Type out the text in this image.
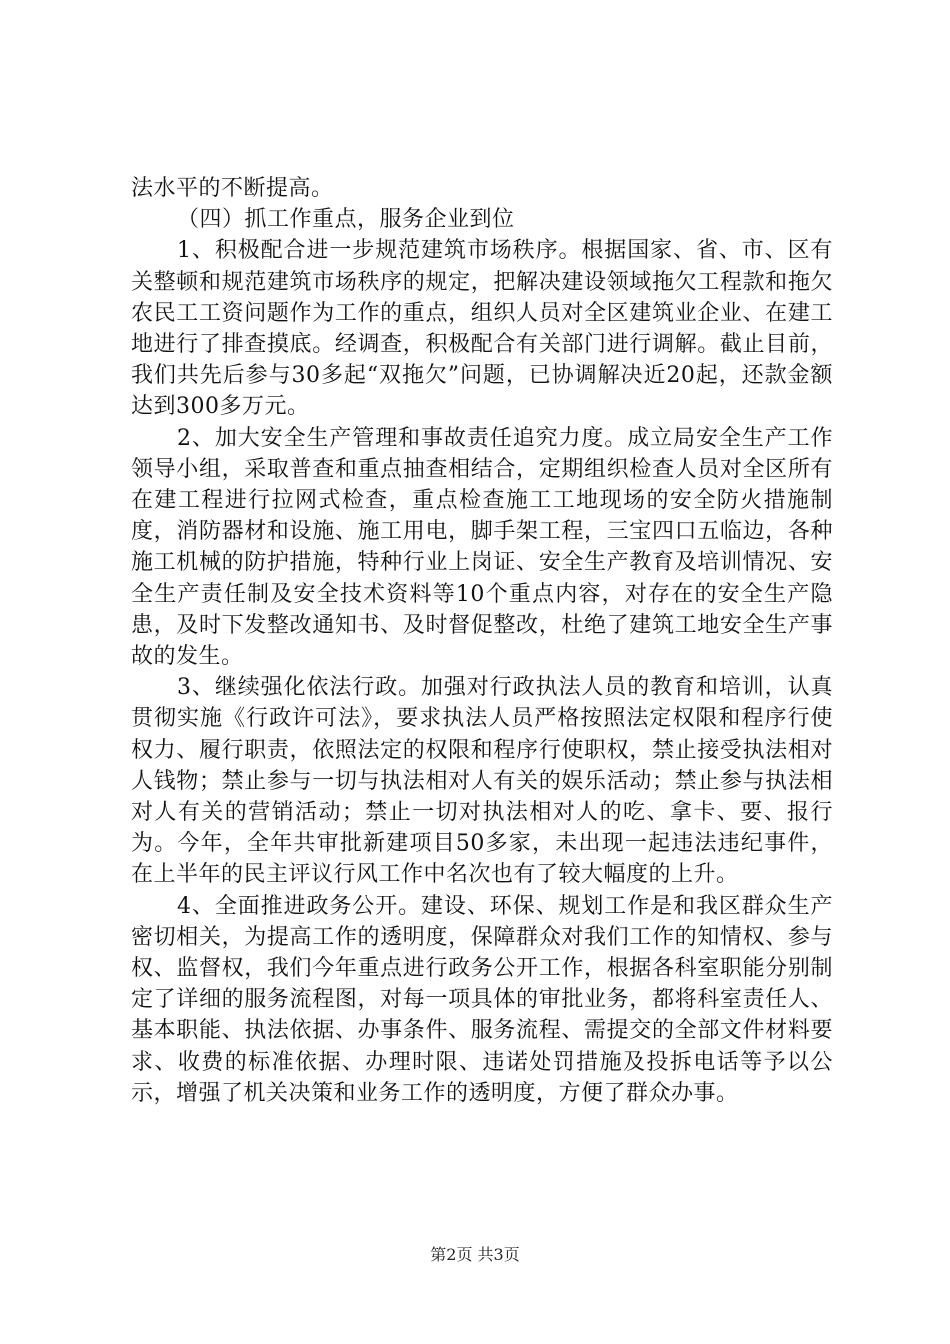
法水平的不断提高。

（四）抓工作重点，服务企业到位

1、积极配合进一步规范建筑市场秩序。根据国家、省、市、区有关整顿和规范建筑市场秩序的规定，把解决建设领域拖欠工程款和拖欠农民工工资问题作为工作的重点，组织人员对全区建筑业企业、在建工地进行了排查摸底。经调查，积极配合有关部门进行调解。截止目前，我们共先后参与30多起“双拖欠”问题，已协调解决近20起，还款金额达到300多万元。

2、加大安全生产管理和事故责任追究力度。成立局安全生产工作领导小组，采取普查和重点抽查相结合，定期组织检查人员对全区所有在建工程进行拉网式检查，重点检查施工工地现场的安全防火措施制度，消防器材和设施、施工用电，脚手架工程，三宝四口五临边，各种施工机械的防护措施，特种行业上岗证、安全生产教育及培训情况、安全生产责任制及安全技术资料等10个重点内容，对存在的安全生产隐患，及时下发整改通知书、及时督促整改，杜绝了建筑工地安全生产事故的发生。

3、继续强化依法行政。加强对行政执法人员的教育和培训，认真贯彻实施《行政许可法》，要求执法人员严格按照法定权限和程序行使权力、履行职责，依照法定的权限和程序行使职权，禁止接受执法相对人钱物；禁止参与一切与执法相对人有关的娱乐活动；禁止参与执法相对人有关的营销活动；禁止一切对执法相对人的吃、拿卡、要、报行为。今年，全年共审批新建项目50多家，未出现一起违法违纪事件，在上半年的民主评议行风工作中名次也有了较大幅度的上升。

4、全面推进政务公开。建设、环保、规划工作是和我区群众生产密切相关，为提高工作的透明度，保障群众对我们工作的知情权、参与权、监督权，我们今年重点进行政务公开工作，根据各科室职能分别制定了详细的服务流程图，对每一项具体的审批业务，都将科室责任人、基本职能、执法依据、办事条件、服务流程、需提交的全部文件材料要求、收费的标准依据、办理时限、违诺处罚措施及投拆电话等予以公示，增强了机关决策和业务工作的透明度，方便了群众办事。

第2页 共3页
